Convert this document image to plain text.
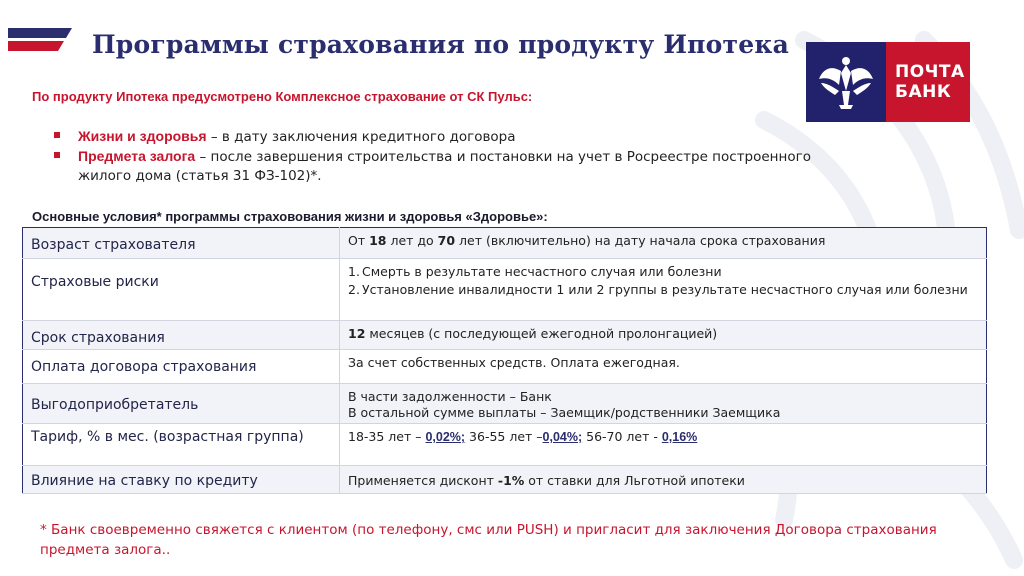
Программы страхования по продукту Ипотека
ПОЧТА
БАНК
По продукту Ипотека предусмотрено Комплексное страхование от СК Пульс:
Жизни и здоровья – в дату заключения кредитного договора
Предмета залога – после завершения строительства и постановки на учет в Росреестре построенного жилого дома (статья 31 ФЗ-102)*.
Основные условия* программы страховования жизни и здоровья «Здоровье»:
Возраст страхователя	От 18 лет до 70 лет (включительно) на дату начала срока страхования
Страховые риски	1. Смерть в результате несчастного случая или болезни
2. Установление инвалидности 1 или 2 группы в результате несчастного случая или болезни

Срок страхования	12 месяцев (с последующей ежегодной пролонгацией)
Оплата договора страхования	За счет собственных средств. Оплата ежегодная.
Выгодоприобретатель	В части задолженности – Банк
В остальной сумме выплаты – Заемщик/родственники Заемщика

Тариф, % в мес. (возрастная группа)	18-35 лет – 0,02%; 36-55 лет –0,04%; 56-70 лет - 0,16%
Влияние на ставку по кредиту	Применяется дисконт -1% от ставки для Льготной ипотеки
* Банк своевременно свяжется с клиентом (по телефону, смс или PUSH) и пригласит для заключения Договора страхования предмета залога..
